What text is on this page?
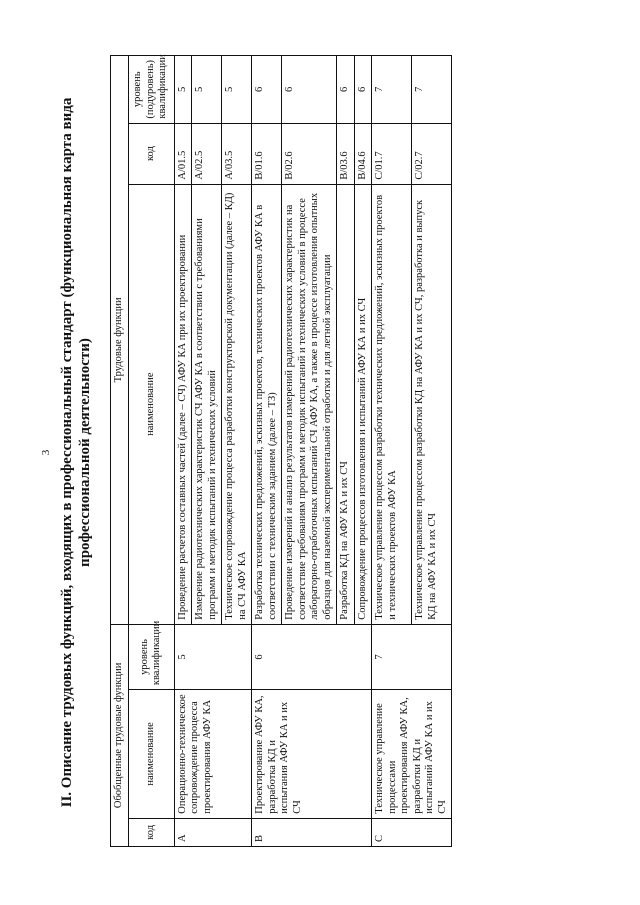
3 II. Описание трудовых функций, входящих в профессиональный стандарт (функциональная карта вида профессиональной деятельности)
Обобщенные трудовые функции			Трудовые функции		
код	наименование	уровень квалификации	наименование	код	уровень (подуровень) квалификации
A	Операционно-техническое сопровождение процесса проектирования АФУ КА	5	Проведение расчетов составных частей (далее – СЧ) АФУ КА при их проектировании	A/01.5	5
			Измерение радиотехнических характеристик СЧ АФУ КА в соответствии с требованиями программ и методик испытаний и технических условий	A/02.5	5
			Техническое сопровождение процесса разработки конструкторской документации (далее – КД) на СЧ АФУ КА	A/03.5	5
B	Проектирование АФУ КА, разработка КД и испытания АФУ КА и их СЧ	6	Разработка технических предложений, эскизных проектов, технических проектов АФУ КА в соответствии с техническим заданием (далее – ТЗ)	B/01.6	6
			Проведение измерений и анализ результатов измерений радиотехнических характеристик на соответствие требованиям программ и методик испытаний и технических условий в процессе лабораторно-отработочных испытаний СЧ АФУ КА, а также в процессе изготовления опытных образцов для наземной экспериментальной отработки и для летной эксплуатации	B/02.6	6
			Разработка КД на АФУ КА и их СЧ	B/03.6	6
			Сопровождение процессов изготовления и испытаний АФУ КА и их СЧ	B/04.6	6
C	Техническое управление процессами проектирования АФУ КА, разработки КД и испытаний АФУ КА и их СЧ	7	Техническое управление процессом разработки технических предложений, эскизных проектов и технических проектов АФУ КА	C/01.7	7
			Техническое управление процессом разработки КД на АФУ КА и их СЧ, разработка и выпуск КД на АФУ КА и их СЧ	C/02.7	7
